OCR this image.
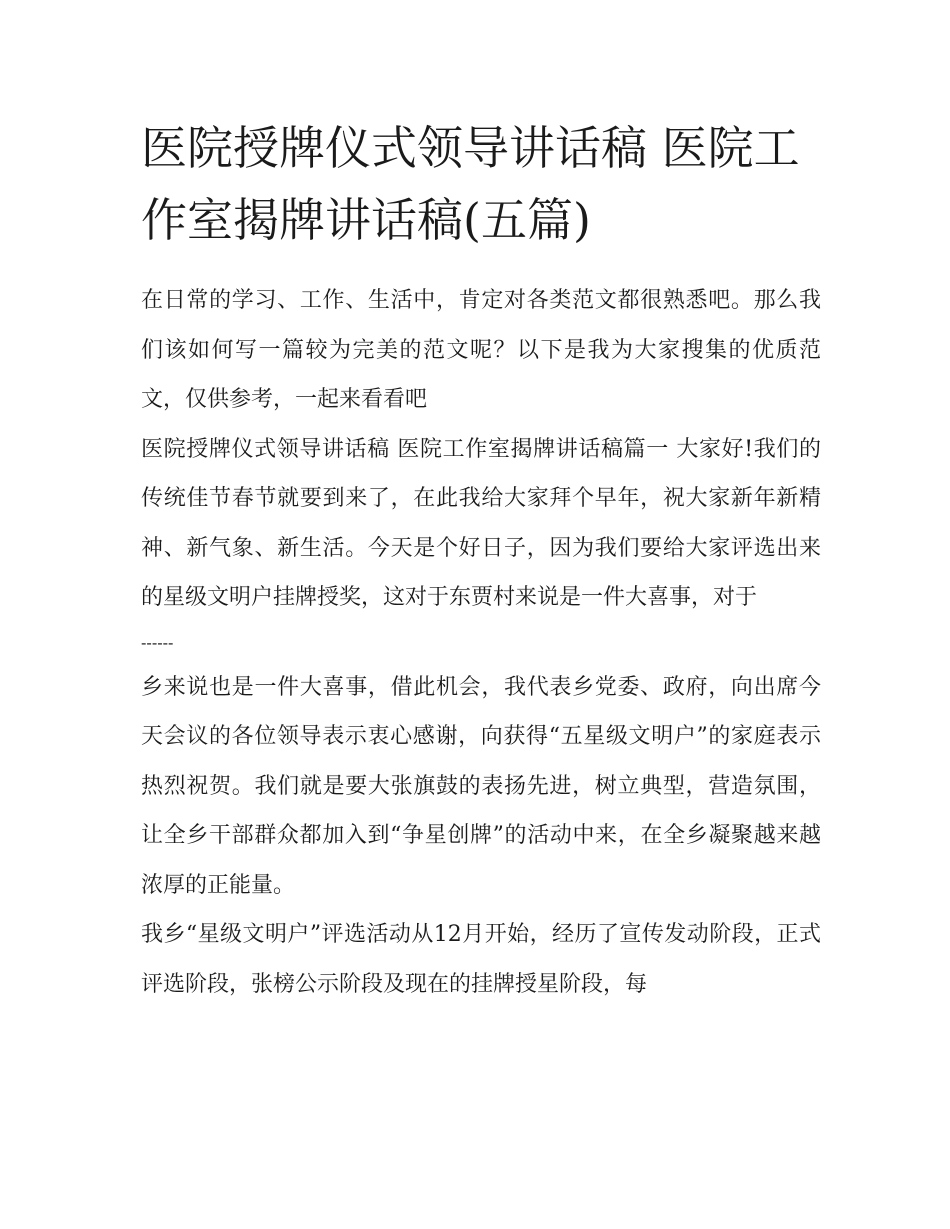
医院授牌仪式领导讲话稿 医院工作室揭牌讲话稿(五篇)

在日常的学习、工作、生活中，肯定对各类范文都很熟悉吧。那么我们该如何写一篇较为完美的范文呢？以下是我为大家搜集的优质范文，仅供参考，一起来看看吧

医院授牌仪式领导讲话稿 医院工作室揭牌讲话稿篇一 大家好!我们的传统佳节春节就要到来了，在此我给大家拜个早年，祝大家新年新精神、新气象、新生活。今天是个好日子，因为我们要给大家评选出来的星级文明户挂牌授奖，这对于东贾村来说是一件大喜事，对于

------

乡来说也是一件大喜事，借此机会，我代表乡党委、政府，向出席今天会议的各位领导表示衷心感谢，向获得“五星级文明户”的家庭表示热烈祝贺。我们就是要大张旗鼓的表扬先进，树立典型，营造氛围，让全乡干部群众都加入到“争星创牌”的活动中来，在全乡凝聚越来越浓厚的正能量。

我乡“星级文明户”评选活动从12月开始，经历了宣传发动阶段，正式评选阶段，张榜公示阶段及现在的挂牌授星阶段，每
